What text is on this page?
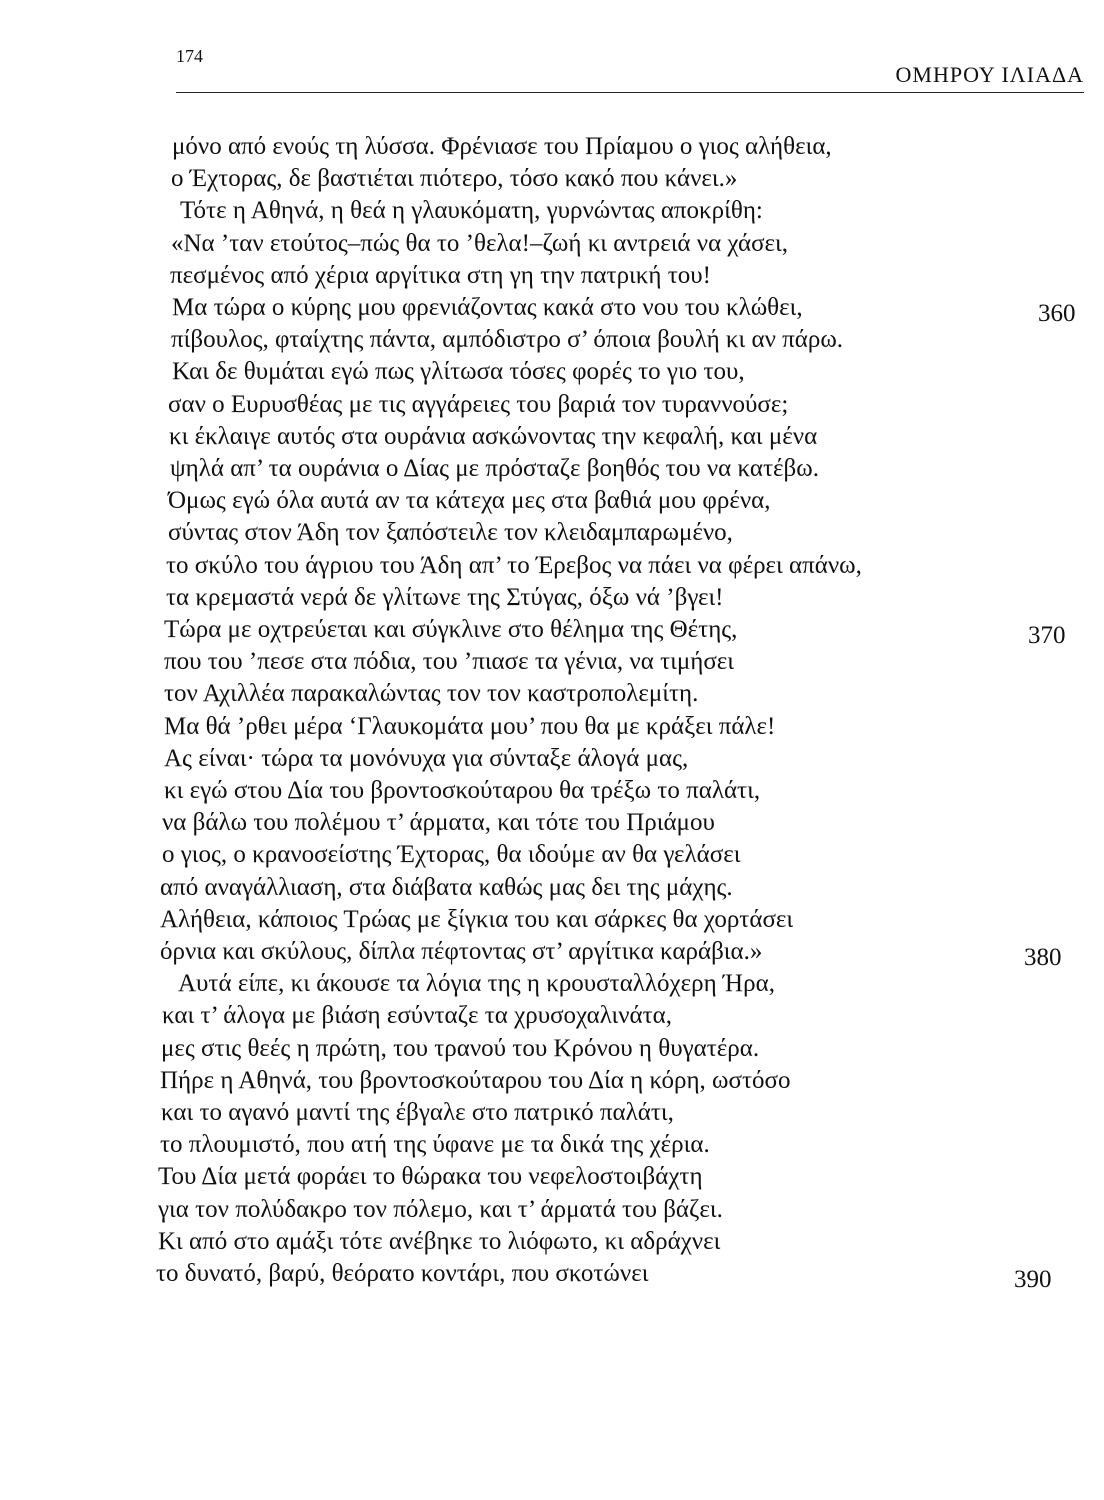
174
ΟΜΗΡΟΥ ΙΛΙΑΔΑ
μόνο από ενούς τη λύσσα. Φρένιασε του Πρίαμου ο γιος αλήθεια,
ο Έχτορας, δε βαστιέται πιότερο, τόσο κακό που κάνει.»
Τότε η Αθηνά, η θεά η γλαυκόματη, γυρνώντας αποκρίθη:
«Να ’ταν ετούτος–πώς θα το ’θελα!–ζωή κι αντρειά να χάσει,
πεσμένος από χέρια αργίτικα στη γη την πατρική του!
Μα τώρα ο κύρης μου φρενιάζοντας κακά στο νου του κλώθει,	360
πίβουλος, φταίχτης πάντα, αμπόδιστρο σ’ όποια βουλή κι αν πάρω.
Και δε θυμάται εγώ πως γλίτωσα τόσες φορές το γιο του,
σαν ο Ευρυσθέας με τις αγγάρειες του βαριά τον τυραννούσε;
κι έκλαιγε αυτός στα ουράνια ασκώνοντας την κεφαλή, και μένα
ψηλά απ’ τα ουράνια ο Δίας με πρόσταζε βοηθός του να κατέβω.
Όμως εγώ όλα αυτά αν τα κάτεχα μες στα βαθιά μου φρένα,
σύντας στον Άδη τον ξαπόστειλε τον κλειδαμπαρωμένο,
το σκύλο του άγριου του Άδη απ’ το Έρεβος να πάει να φέρει απάνω,
τα κρεμαστά νερά δε γλίτωνε της Στύγας, όξω νά ’βγει!
Τώρα με οχτρεύεται και σύγκλινε στο θέλημα της Θέτης,	370
που του ’πεσε στα πόδια, του ’πιασε τα γένια, να τιμήσει
τον Αχιλλέα παρακαλώντας τον τον καστροπολεμίτη.
Μα θά ’ρθει μέρα ‘Γλαυκομάτα μου’ που θα με κράξει πάλε!
Ας είναι· τώρα τα μονόνυχα για σύνταξε άλογά μας,
κι εγώ στου Δία του βροντοσκούταρου θα τρέξω το παλάτι,
να βάλω του πολέμου τ’ άρματα, και τότε του Πριάμου
ο γιος, ο κρανοσείστης Έχτορας, θα ιδούμε αν θα γελάσει
από αναγάλλιαση, στα διάβατα καθώς μας δει της μάχης.
Αλήθεια, κάποιος Τρώας με ξίγκια του και σάρκες θα χορτάσει
όρνια και σκύλους, δίπλα πέφτοντας στ’ αργίτικα καράβια.»	380
Αυτά είπε, κι άκουσε τα λόγια της η κρουσταλλόχερη Ήρα,
και τ’ άλογα με βιάση εσύνταζε τα χρυσοχαλινάτα,
μες στις θεές η πρώτη, του τρανού του Κρόνου η θυγατέρα.
Πήρε η Αθηνά, του βροντοσκούταρου του Δία η κόρη, ωστόσο
και το αγανό μαντί της έβγαλε στο πατρικό παλάτι,
το πλουμιστό, που ατή της ύφανε με τα δικά της χέρια.
Του Δία μετά φοράει το θώρακα του νεφελοστοιβάχτη
για τον πολύδακρο τον πόλεμο, και τ’ άρματά του βάζει.
Κι από στο αμάξι τότε ανέβηκε το λιόφωτο, κι αδράχνει
το δυνατό, βαρύ, θεόρατο κοντάρι, που σκοτώνει	390
